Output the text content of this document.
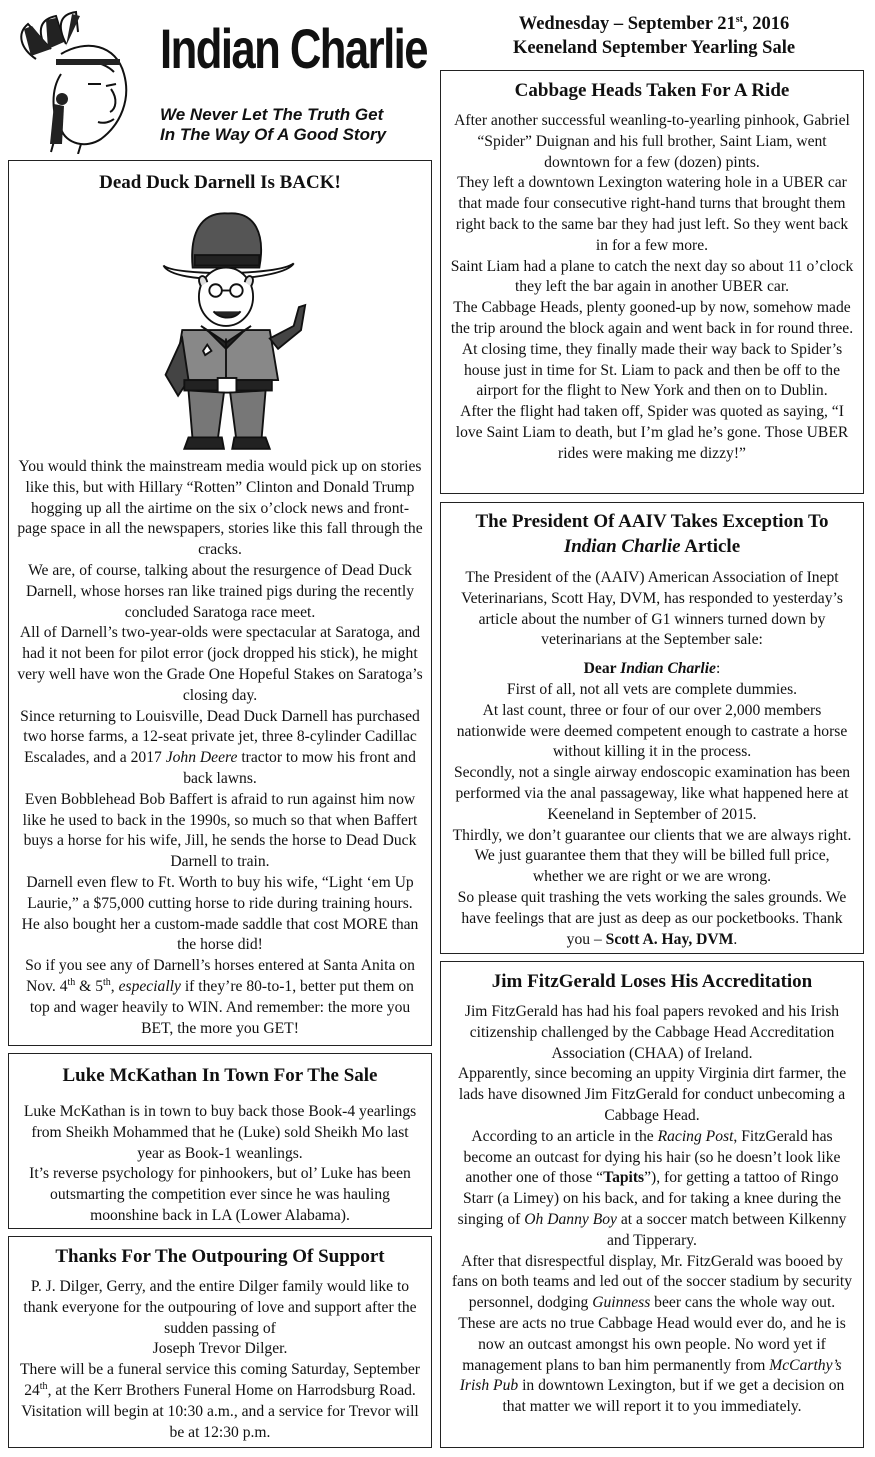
Indian Charlie
We Never Let The Truth Get
In The Way Of A Good Story
Wednesday – September 21st, 2016
Keeneland September Yearling Sale
Dead Duck Darnell Is BACK!

You would think the mainstream media would pick up on stories like this, but with Hillary “Rotten” Clinton and Donald Trump hogging up all the airtime on the six o’clock news and front-page space in all the newspapers, stories like this fall through the cracks.

We are, of course, talking about the resurgence of Dead Duck Darnell, whose horses ran like trained pigs during the recently concluded Saratoga race meet.

All of Darnell’s two-year-olds were spectacular at Saratoga, and had it not been for pilot error (jock dropped his stick), he might very well have won the Grade One Hopeful Stakes on Saratoga’s closing day.

Since returning to Louisville, Dead Duck Darnell has purchased two horse farms, a 12-seat private jet, three 8-cylinder Cadillac Escalades, and a 2017 John Deere tractor to mow his front and back lawns.

Even Bobblehead Bob Baffert is afraid to run against him now like he used to back in the 1990s, so much so that when Baffert buys a horse for his wife, Jill, he sends the horse to Dead Duck Darnell to train.

Darnell even flew to Ft. Worth to buy his wife, “Light ‘em Up Laurie,” a $75,000 cutting horse to ride during training hours. He also bought her a custom-made saddle that cost MORE than the horse did!

So if you see any of Darnell’s horses entered at Santa Anita on Nov. 4th & 5th, especially if they’re 80-to-1, better put them on top and wager heavily to WIN. And remember: the more you BET, the more you GET!

Luke McKathan In Town For The Sale

Luke McKathan is in town to buy back those Book-4 yearlings from Sheikh Mohammed that he (Luke) sold Sheikh Mo last year as Book-1 weanlings.

It’s reverse psychology for pinhookers, but ol’ Luke has been outsmarting the competition ever since he was hauling moonshine back in LA (Lower Alabama).

Thanks For The Outpouring Of Support

P. J. Dilger, Gerry, and the entire Dilger family would like to thank everyone for the outpouring of love and support after the sudden passing of

Joseph Trevor Dilger.

There will be a funeral service this coming Saturday, September 24th, at the Kerr Brothers Funeral Home on Harrodsburg Road. Visitation will begin at 10:30 a.m., and a service for Trevor will be at 12:30 p.m.

Cabbage Heads Taken For A Ride

After another successful weanling-to-yearling pinhook, Gabriel “Spider” Duignan and his full brother, Saint Liam, went downtown for a few (dozen) pints.

They left a downtown Lexington watering hole in a UBER car that made four consecutive right-hand turns that brought them right back to the same bar they had just left. So they went back in for a few more.

Saint Liam had a plane to catch the next day so about 11 o’clock they left the bar again in another UBER car.

The Cabbage Heads, plenty gooned-up by now, somehow made the trip around the block again and went back in for round three. At closing time, they finally made their way back to Spider’s house just in time for St. Liam to pack and then be off to the airport for the flight to New York and then on to Dublin.

After the flight had taken off, Spider was quoted as saying, “I love Saint Liam to death, but I’m glad he’s gone. Those UBER rides were making me dizzy!”

The President Of AAIV Takes Exception To
Indian Charlie Article

The President of the (AAIV) American Association of Inept Veterinarians, Scott Hay, DVM, has responded to yesterday’s article about the number of G1 winners turned down by veterinarians at the September sale:

Dear Indian Charlie:

First of all, not all vets are complete dummies.

At last count, three or four of our over 2,000 members nationwide were deemed competent enough to castrate a horse without killing it in the process.

Secondly, not a single airway endoscopic examination has been performed via the anal passageway, like what happened here at Keeneland in September of 2015.

Thirdly, we don’t guarantee our clients that we are always right. We just guarantee them that they will be billed full price, whether we are right or we are wrong.

So please quit trashing the vets working the sales grounds. We have feelings that are just as deep as our pocketbooks. Thank you – Scott A. Hay, DVM.

Jim FitzGerald Loses His Accreditation

Jim FitzGerald has had his foal papers revoked and his Irish citizenship challenged by the Cabbage Head Accreditation Association (CHAA) of Ireland.

Apparently, since becoming an uppity Virginia dirt farmer, the lads have disowned Jim FitzGerald for conduct unbecoming a Cabbage Head.

According to an article in the Racing Post, FitzGerald has become an outcast for dying his hair (so he doesn’t look like another one of those “Tapits”), for getting a tattoo of Ringo Starr (a Limey) on his back, and for taking a knee during the singing of Oh Danny Boy at a soccer match between Kilkenny and Tipperary.

After that disrespectful display, Mr. FitzGerald was booed by fans on both teams and led out of the soccer stadium by security personnel, dodging Guinness beer cans the whole way out. These are acts no true Cabbage Head would ever do, and he is now an outcast amongst his own people. No word yet if management plans to ban him permanently from McCarthy’s Irish Pub in downtown Lexington, but if we get a decision on that matter we will report it to you immediately.
